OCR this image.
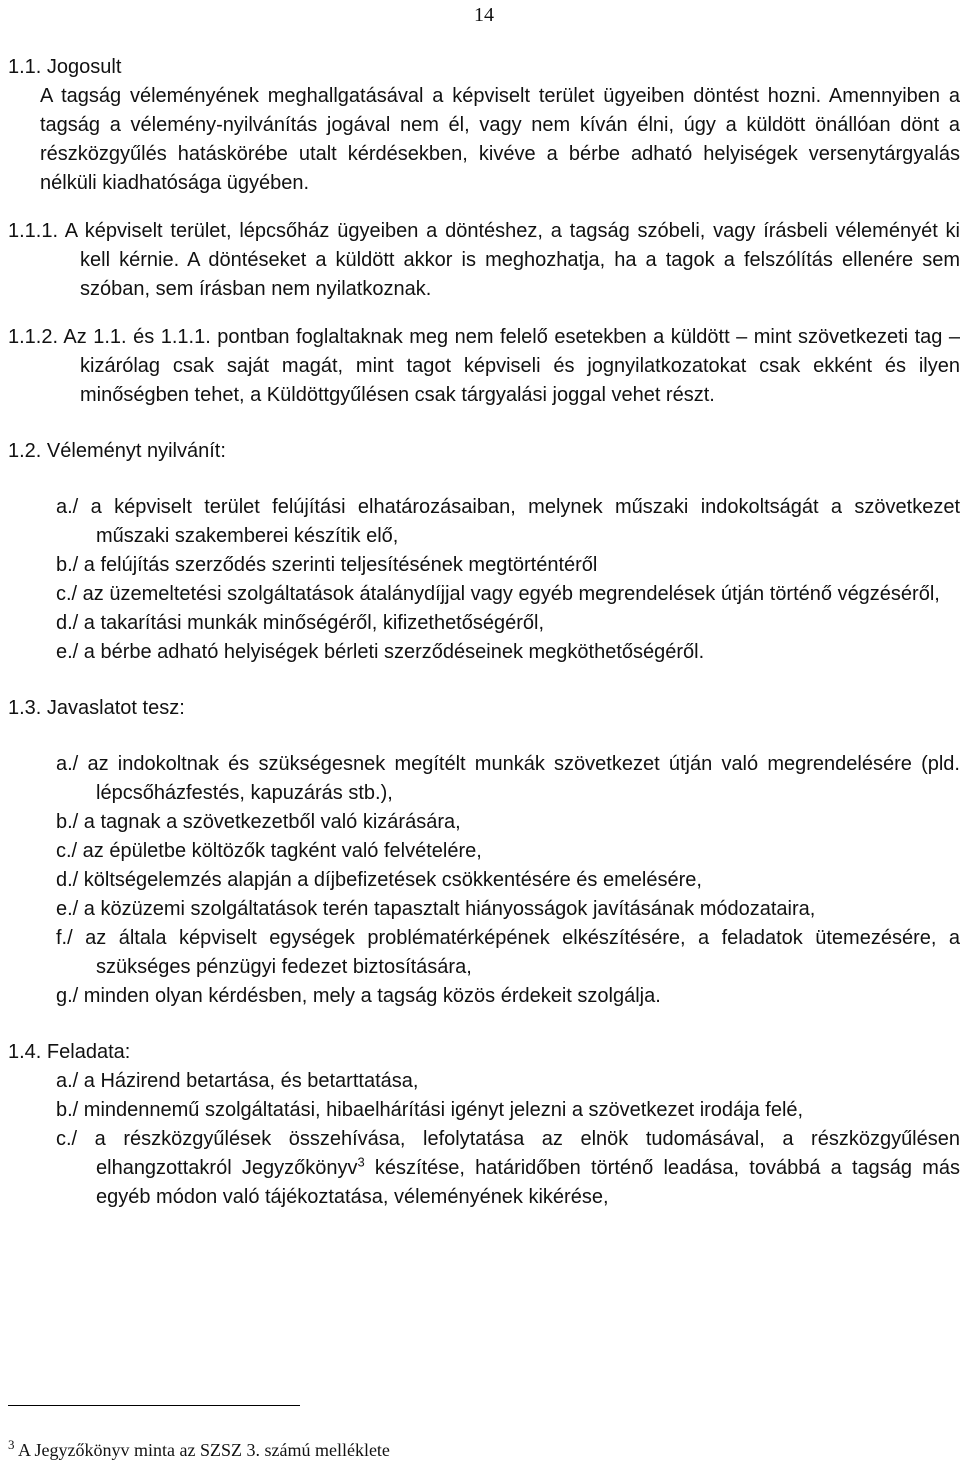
14

1.1. Jogosult

A tagság véleményének meghallgatásával a képviselt terület ügyeiben döntést hozni. Amennyiben a tagság a vélemény-nyilvánítás jogával nem él, vagy nem kíván élni, úgy a küldött önállóan dönt a részközgyűlés hatáskörébe utalt kérdésekben, kivéve a bérbe adható helyiségek versenytárgyalás nélküli kiadhatósága ügyében.

1.1.1. A képviselt terület, lépcsőház ügyeiben a döntéshez, a tagság szóbeli, vagy írásbeli véleményét ki kell kérnie. A döntéseket a küldött akkor is meghozhatja, ha a tagok a felszólítás ellenére sem szóban, sem írásban nem nyilatkoznak.

1.1.2. Az 1.1. és 1.1.1. pontban foglaltaknak meg nem felelő esetekben a küldött – mint szövetkezeti tag – kizárólag csak saját magát, mint tagot képviseli és jognyilatkozatokat csak ekként és ilyen minőségben tehet, a Küldöttgyűlésen csak tárgyalási joggal vehet részt.

1.2. Véleményt nyilvánít:

a./ a képviselt terület felújítási elhatározásaiban, melynek műszaki indokoltságát a szövetkezet műszaki szakemberei készítik elő,

b./ a felújítás szerződés szerinti teljesítésének megtörténtéről

c./ az üzemeltetési szolgáltatások átalánydíjjal vagy egyéb megrendelések útján történő végzéséről,

d./ a takarítási munkák minőségéről, kifizethetőségéről,

e./ a bérbe adható helyiségek bérleti szerződéseinek megköthetőségéről.

1.3. Javaslatot tesz:

a./ az indokoltnak és szükségesnek megítélt munkák szövetkezet útján való megrendelésére (pld. lépcsőházfestés, kapuzárás stb.),

b./ a tagnak a szövetkezetből való kizárására,

c./ az épületbe költözők tagként való felvételére,

d./ költségelemzés alapján a díjbefizetések csökkentésére és emelésére,

e./ a közüzemi szolgáltatások terén tapasztalt hiányosságok javításának módozataira,

f./ az általa képviselt egységek problématérképének elkészítésére, a feladatok ütemezésére, a szükséges pénzügyi fedezet biztosítására,

g./ minden olyan kérdésben, mely a tagság közös érdekeit szolgálja.

1.4. Feladata:

a./ a Házirend betartása, és betarttatása,

b./ mindennemű szolgáltatási, hibaelhárítási igényt jelezni a szövetkezet irodája felé,

c./ a részközgyűlések összehívása, lefolytatása az elnök tudomásával, a részközgyűlésen elhangzottakról Jegyzőkönyv$^3$ készítése, határidőben történő leadása, továbbá a tagság más egyéb módon való tájékoztatása, véleményének kikérése,

$^3$ A Jegyzőkönyv minta az SZSZ 3. számú melléklete
